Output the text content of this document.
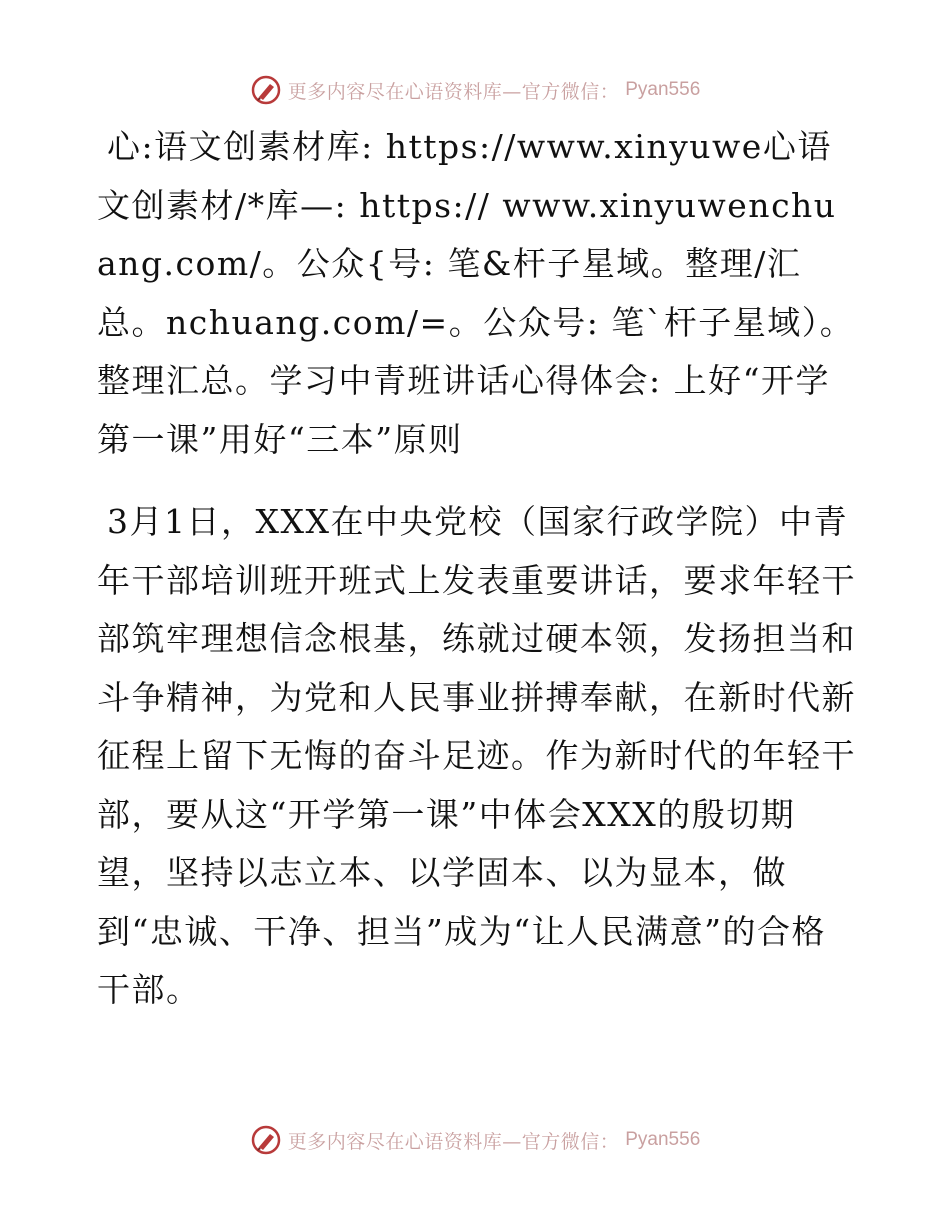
更多内容尽在心语资料库—官方微信： Pyan556

心:语文创素材库: https://www.xinyuwe心语文创素材/*库—: https:// www.xinyuwenchuang.com/。公众{号: 笔&杆子星域。整理/汇总。nchuang.com/=。公众号: 笔`杆子星域）。整理汇总。学习中青班讲话心得体会: 上好“开学第一课”用好“三本”原则

3月1日，XXX在中央党校（国家行政学院）中青年干部培训班开班式上发表重要讲话，要求年轻干部筑牢理想信念根基，练就过硬本领，发扬担当和斗争精神，为党和人民事业拼搏奉献，在新时代新征程上留下无悔的奋斗足迹。作为新时代的年轻干部，要从这“开学第一课”中体会XXX的殷切期望，坚持以志立本、以学固本、以为显本，做到“忠诚、干净、担当”成为“让人民满意”的合格干部。

更多内容尽在心语资料库—官方微信： Pyan556
